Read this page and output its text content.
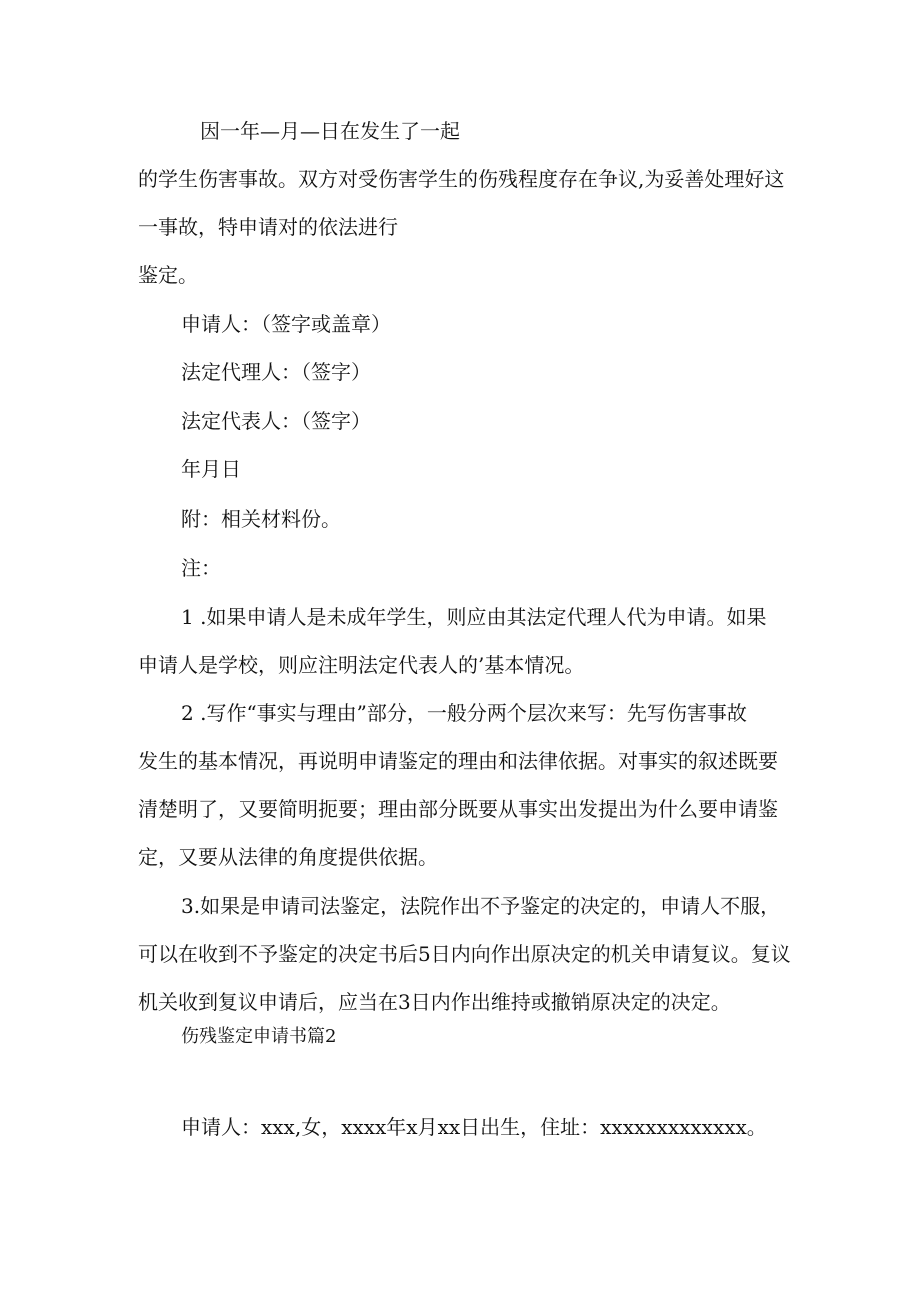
因一年—月—日在发生了一起

的学生伤害事故。双方对受伤害学生的伤残程度存在争议,为妥善处理好这

一事故，特申请对的依法进行

鉴定。

申请人：（签字或盖章）

法定代理人：（签字）

法定代表人：（签字）

年月日

附：相关材料份。

注：

1 .如果申请人是未成年学生，则应由其法定代理人代为申请。如果

申请人是学校，则应注明法定代表人的’基本情况。

2 .写作“事实与理由”部分，一般分两个层次来写：先写伤害事故

发生的基本情况，再说明申请鉴定的理由和法律依据。对事实的叙述既要

清楚明了，又要简明扼要；理由部分既要从事实出发提出为什么要申请鉴

定，又要从法律的角度提供依据。

3.如果是申请司法鉴定，法院作出不予鉴定的决定的，申请人不服，

可以在收到不予鉴定的决定书后5日内向作出原决定的机关申请复议。复议

机关收到复议申请后，应当在3日内作出维持或撤销原决定的决定。

伤残鉴定申请书篇2

申请人：xxx,女，xxxx年x月xx日出生，住址：xxxxxxxxxxxxx。
